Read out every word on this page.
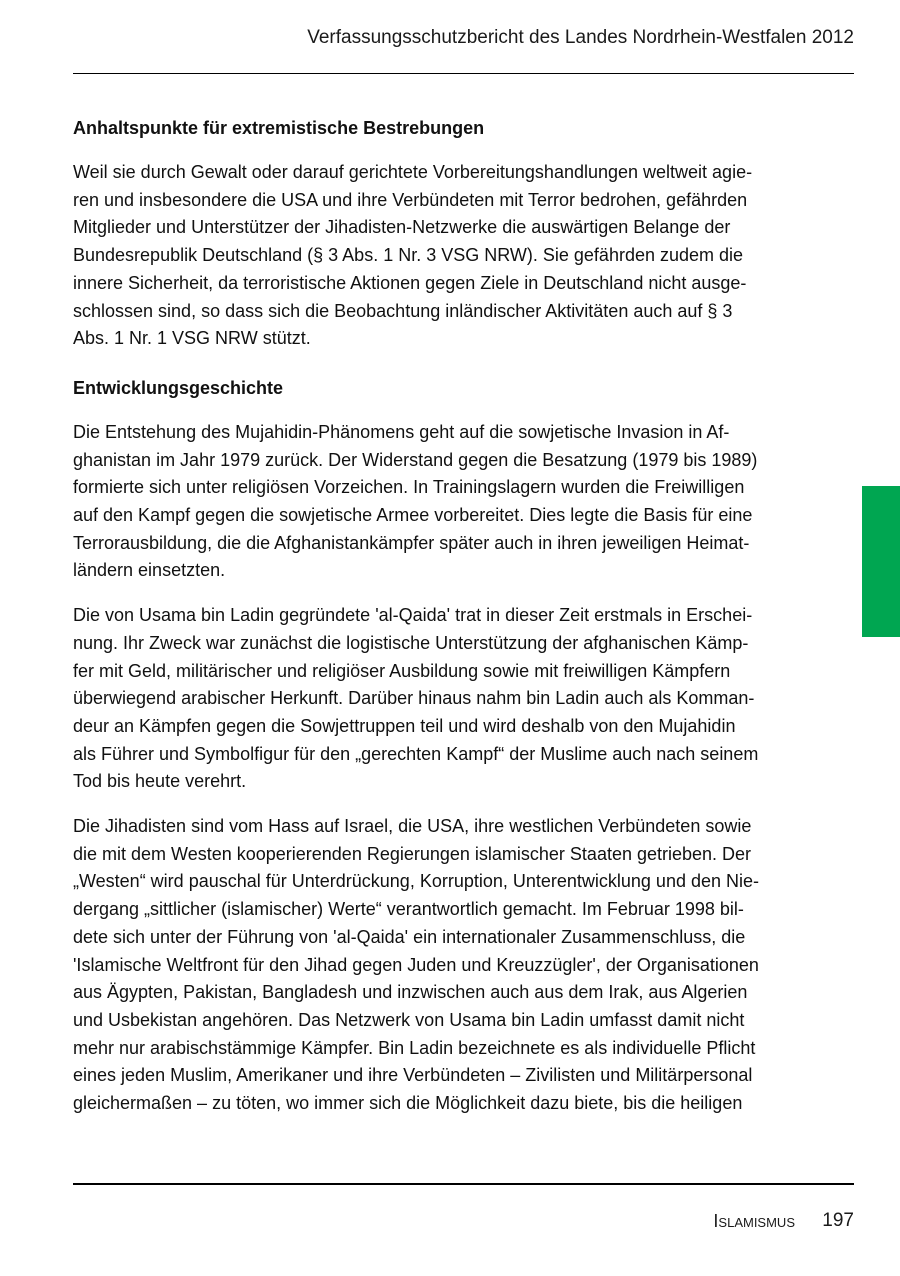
Verfassungsschutzbericht des Landes Nordrhein-Westfalen 2012
Anhaltspunkte für extremistische Bestrebungen
Weil sie durch Gewalt oder darauf gerichtete Vorbereitungshandlungen weltweit agie-
ren und insbesondere die USA und ihre Verbündeten mit Terror bedrohen, gefährden
Mitglieder und Unterstützer der Jihadisten-Netzwerke die auswärtigen Belange der
Bundesrepublik Deutschland (§ 3 Abs. 1 Nr. 3 VSG NRW). Sie gefährden zudem die
innere Sicherheit, da terroristische Aktionen gegen Ziele in Deutschland nicht ausge-
schlossen sind, so dass sich die Beobachtung inländischer Aktivitäten auch auf § 3
Abs. 1 Nr. 1 VSG NRW stützt.
Entwicklungsgeschichte
Die Entstehung des Mujahidin-Phänomens geht auf die sowjetische Invasion in Af-
ghanistan im Jahr 1979 zurück. Der Widerstand gegen die Besatzung (1979 bis 1989)
formierte sich unter religiösen Vorzeichen. In Trainingslagern wurden die Freiwilligen
auf den Kampf gegen die sowjetische Armee vorbereitet. Dies legte die Basis für eine
Terrorausbildung, die die Afghanistankämpfer später auch in ihren jeweiligen Heimat-
ländern einsetzten.
Die von Usama bin Ladin gegründete 'al-Qaida' trat in dieser Zeit erstmals in Erschei-
nung. Ihr Zweck war zunächst die logistische Unterstützung der afghanischen Kämp-
fer mit Geld, militärischer und religiöser Ausbildung sowie mit freiwilligen Kämpfern
überwiegend arabischer Herkunft. Darüber hinaus nahm bin Ladin auch als Komman-
deur an Kämpfen gegen die Sowjettruppen teil und wird deshalb von den Mujahidin
als Führer und Symbolfigur für den „gerechten Kampf“ der Muslime auch nach seinem
Tod bis heute verehrt.
Die Jihadisten sind vom Hass auf Israel, die USA, ihre westlichen Verbündeten sowie
die mit dem Westen kooperierenden Regierungen islamischer Staaten getrieben. Der
„Westen“ wird pauschal für Unterdrückung, Korruption, Unterentwicklung und den Nie-
dergang „sittlicher (islamischer) Werte“ verantwortlich gemacht. Im Februar 1998 bil-
dete sich unter der Führung von 'al-Qaida' ein internationaler Zusammenschluss, die
'Islamische Weltfront für den Jihad gegen Juden und Kreuzzügler', der Organisationen
aus Ägypten, Pakistan, Bangladesh und inzwischen auch aus dem Irak, aus Algerien
und Usbekistan angehören. Das Netzwerk von Usama bin Ladin umfasst damit nicht
mehr nur arabischstämmige Kämpfer. Bin Ladin bezeichnete es als individuelle Pflicht
eines jeden Muslim, Amerikaner und ihre Verbündeten – Zivilisten und Militärpersonal
gleichermaßen – zu töten, wo immer sich die Möglichkeit dazu biete, bis die heiligen
Islamismus	197
